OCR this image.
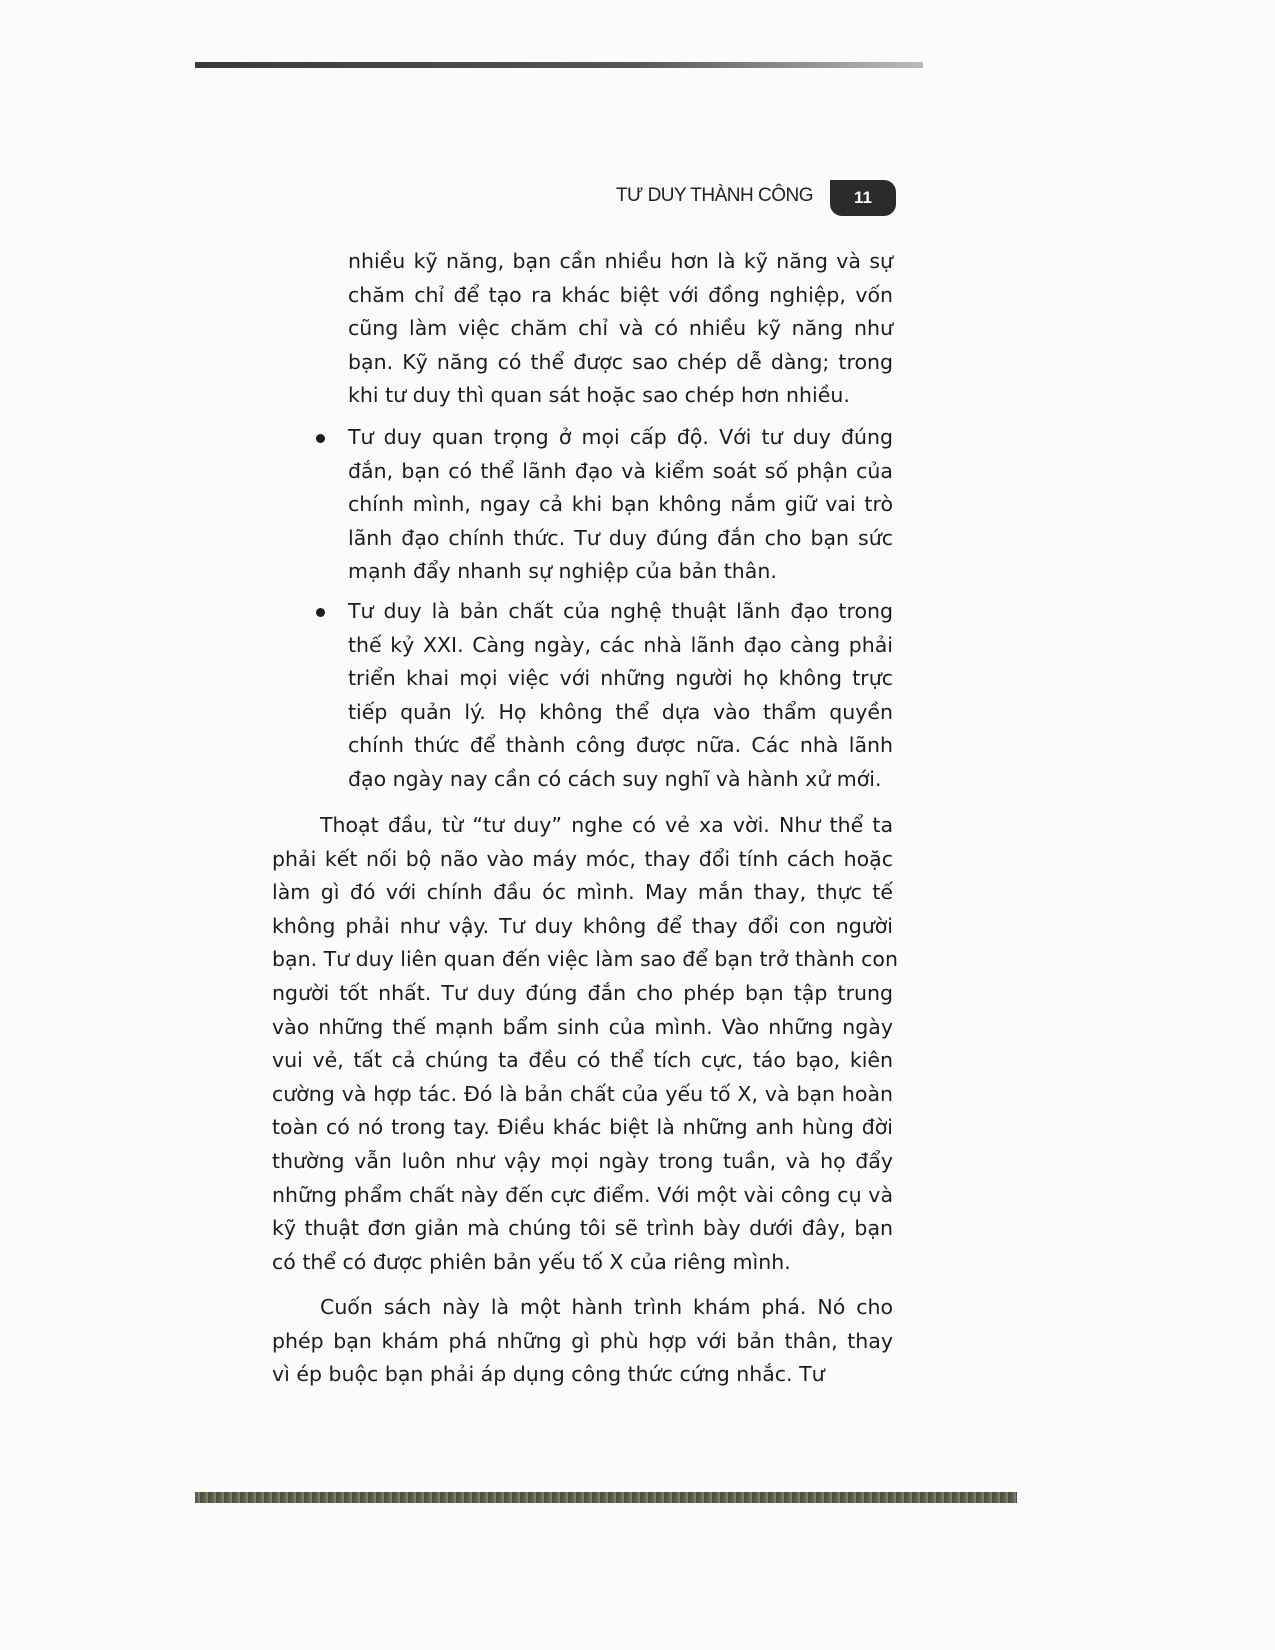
TƯ DUY THÀNH CÔNG	11
nhiều kỹ năng, bạn cần nhiều hơn là kỹ năng và sự
chăm chỉ để tạo ra khác biệt với đồng nghiệp, vốn
cũng làm việc chăm chỉ và có nhiều kỹ năng như
bạn. Kỹ năng có thể được sao chép dễ dàng; trong
khi tư duy thì quan sát hoặc sao chép hơn nhiều.
Tư duy quan trọng ở mọi cấp độ. Với tư duy đúng
đắn, bạn có thể lãnh đạo và kiểm soát số phận của
chính mình, ngay cả khi bạn không nắm giữ vai trò
lãnh đạo chính thức. Tư duy đúng đắn cho bạn sức
mạnh đẩy nhanh sự nghiệp của bản thân.
Tư duy là bản chất của nghệ thuật lãnh đạo trong
thế kỷ XXI. Càng ngày, các nhà lãnh đạo càng phải
triển khai mọi việc với những người họ không trực
tiếp quản lý. Họ không thể dựa vào thẩm quyền
chính thức để thành công được nữa. Các nhà lãnh
đạo ngày nay cần có cách suy nghĩ và hành xử mới.
Thoạt đầu, từ “tư duy” nghe có vẻ xa vời. Như thể ta
phải kết nối bộ não vào máy móc, thay đổi tính cách hoặc
làm gì đó với chính đầu óc mình. May mắn thay, thực tế
không phải như vậy. Tư duy không để thay đổi con người
bạn. Tư duy liên quan đến việc làm sao để bạn trở thành con
người tốt nhất. Tư duy đúng đắn cho phép bạn tập trung
vào những thế mạnh bẩm sinh của mình. Vào những ngày
vui vẻ, tất cả chúng ta đều có thể tích cực, táo bạo, kiên
cường và hợp tác. Đó là bản chất của yếu tố X, và bạn hoàn
toàn có nó trong tay. Điều khác biệt là những anh hùng đời
thường vẫn luôn như vậy mọi ngày trong tuần, và họ đẩy
những phẩm chất này đến cực điểm. Với một vài công cụ và
kỹ thuật đơn giản mà chúng tôi sẽ trình bày dưới đây, bạn
có thể có được phiên bản yếu tố X của riêng mình.
Cuốn sách này là một hành trình khám phá. Nó cho
phép bạn khám phá những gì phù hợp với bản thân, thay
vì ép buộc bạn phải áp dụng công thức cứng nhắc. Tư
